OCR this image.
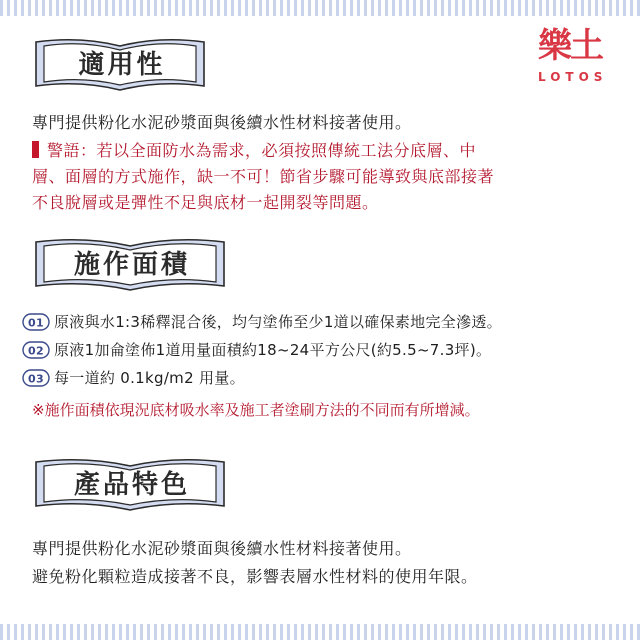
樂土
LOTOS
適用性
專門提供粉化水泥砂漿面與後續水性材料接著使用。
警語：若以全面防水為需求，必須按照傳統工法分底層、中
層、面層的方式施作，缺一不可！節省步驟可能導致與底部接著
不良脫層或是彈性不足與底材一起開裂等問題。
施作面積
01 原液與水1:3稀釋混合後，均勻塗佈至少1道以確保素地完全滲透。
02 原液1加侖塗佈1道用量面積約18~24平方公尺(約5.5~7.3坪)。
03 每一道約 0.1kg/m2 用量。
※施作面積依現況底材吸水率及施工者塗刷方法的不同而有所增減。
產品特色
專門提供粉化水泥砂漿面與後續水性材料接著使用。
避免粉化顆粒造成接著不良，影響表層水性材料的使用年限。
